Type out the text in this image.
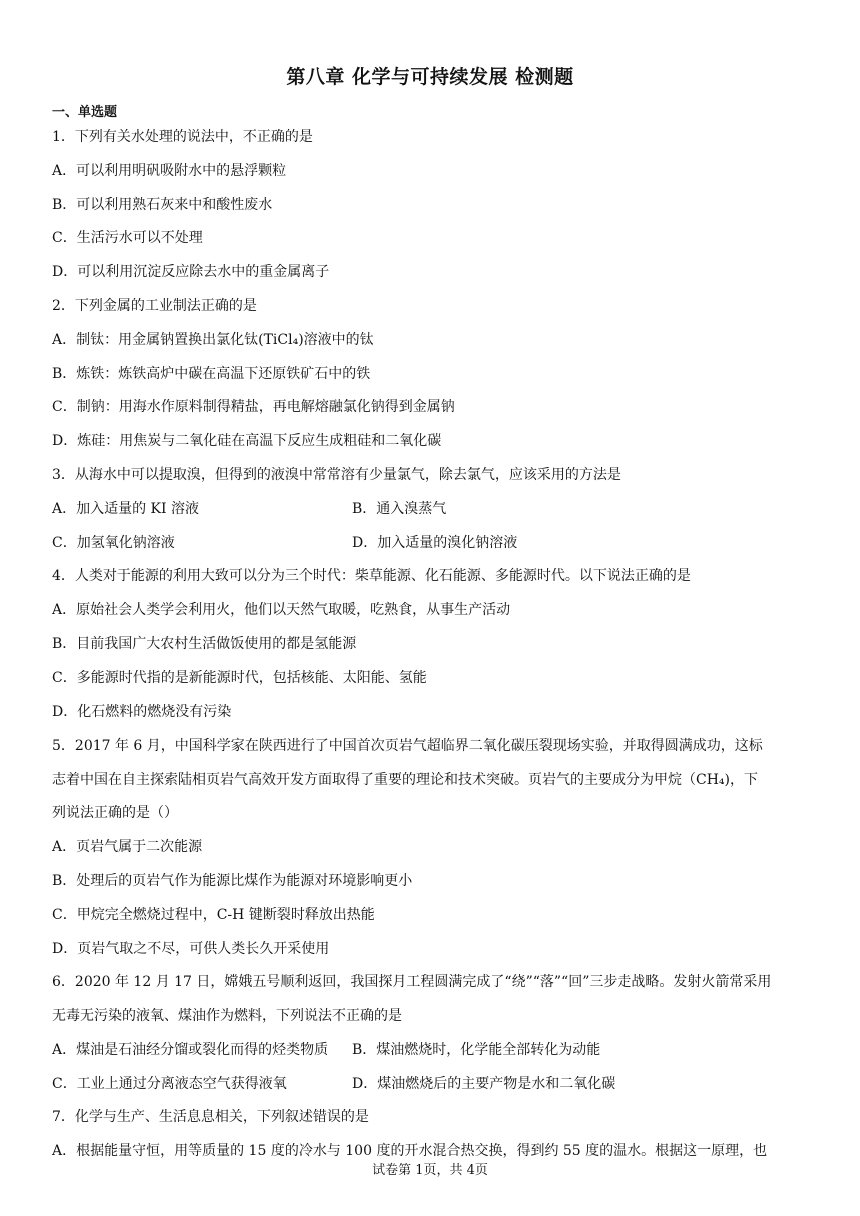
第八章 化学与可持续发展 检测题
一、单选题
1．下列有关水处理的说法中，不正确的是
A．可以利用明矾吸附水中的悬浮颗粒
B．可以利用熟石灰来中和酸性废水
C．生活污水可以不处理
D．可以利用沉淀反应除去水中的重金属离子
2．下列金属的工业制法正确的是
A．制钛：用金属钠置换出氯化钛(TiCl₄)溶液中的钛
B．炼铁：炼铁高炉中碳在高温下还原铁矿石中的铁
C．制钠：用海水作原料制得精盐，再电解熔融氯化钠得到金属钠
D．炼硅：用焦炭与二氧化硅在高温下反应生成粗硅和二氧化碳
3．从海水中可以提取溴，但得到的液溴中常常溶有少量氯气，除去氯气，应该采用的方法是
A．加入适量的 KI 溶液	B．通入溴蒸气
C．加氢氧化钠溶液	D．加入适量的溴化钠溶液
4．人类对于能源的利用大致可以分为三个时代：柴草能源、化石能源、多能源时代。以下说法正确的是
A．原始社会人类学会利用火，他们以天然气取暖，吃熟食，从事生产活动
B．目前我国广大农村生活做饭使用的都是氢能源
C．多能源时代指的是新能源时代，包括核能、太阳能、氢能
D．化石燃料的燃烧没有污染
5．2017 年 6 月，中国科学家在陕西进行了中国首次页岩气超临界二氧化碳压裂现场实验，并取得圆满成功，这标
志着中国在自主探索陆相页岩气高效开发方面取得了重要的理论和技术突破。页岩气的主要成分为甲烷（CH₄)，下
列说法正确的是（）
A．页岩气属于二次能源
B．处理后的页岩气作为能源比煤作为能源对环境影响更小
C．甲烷完全燃烧过程中，C-H 键断裂时释放出热能
D．页岩气取之不尽，可供人类长久开采使用
6．2020 年 12 月 17 日，嫦娥五号顺利返回，我国探月工程圆满完成了“绕”“落”“回”三步走战略。发射火箭常采用
无毒无污染的液氧、煤油作为燃料，下列说法不正确的是
A．煤油是石油经分馏或裂化而得的烃类物质	B．煤油燃烧时，化学能全部转化为动能
C．工业上通过分离液态空气获得液氧	D．煤油燃烧后的主要产物是水和二氧化碳
7．化学与生产、生活息息相关，下列叙述错误的是
A．根据能量守恒，用等质量的 15 度的冷水与 100 度的开水混合热交换，得到约 55 度的温水。根据这一原理，也
试卷第 1页，共 4页
